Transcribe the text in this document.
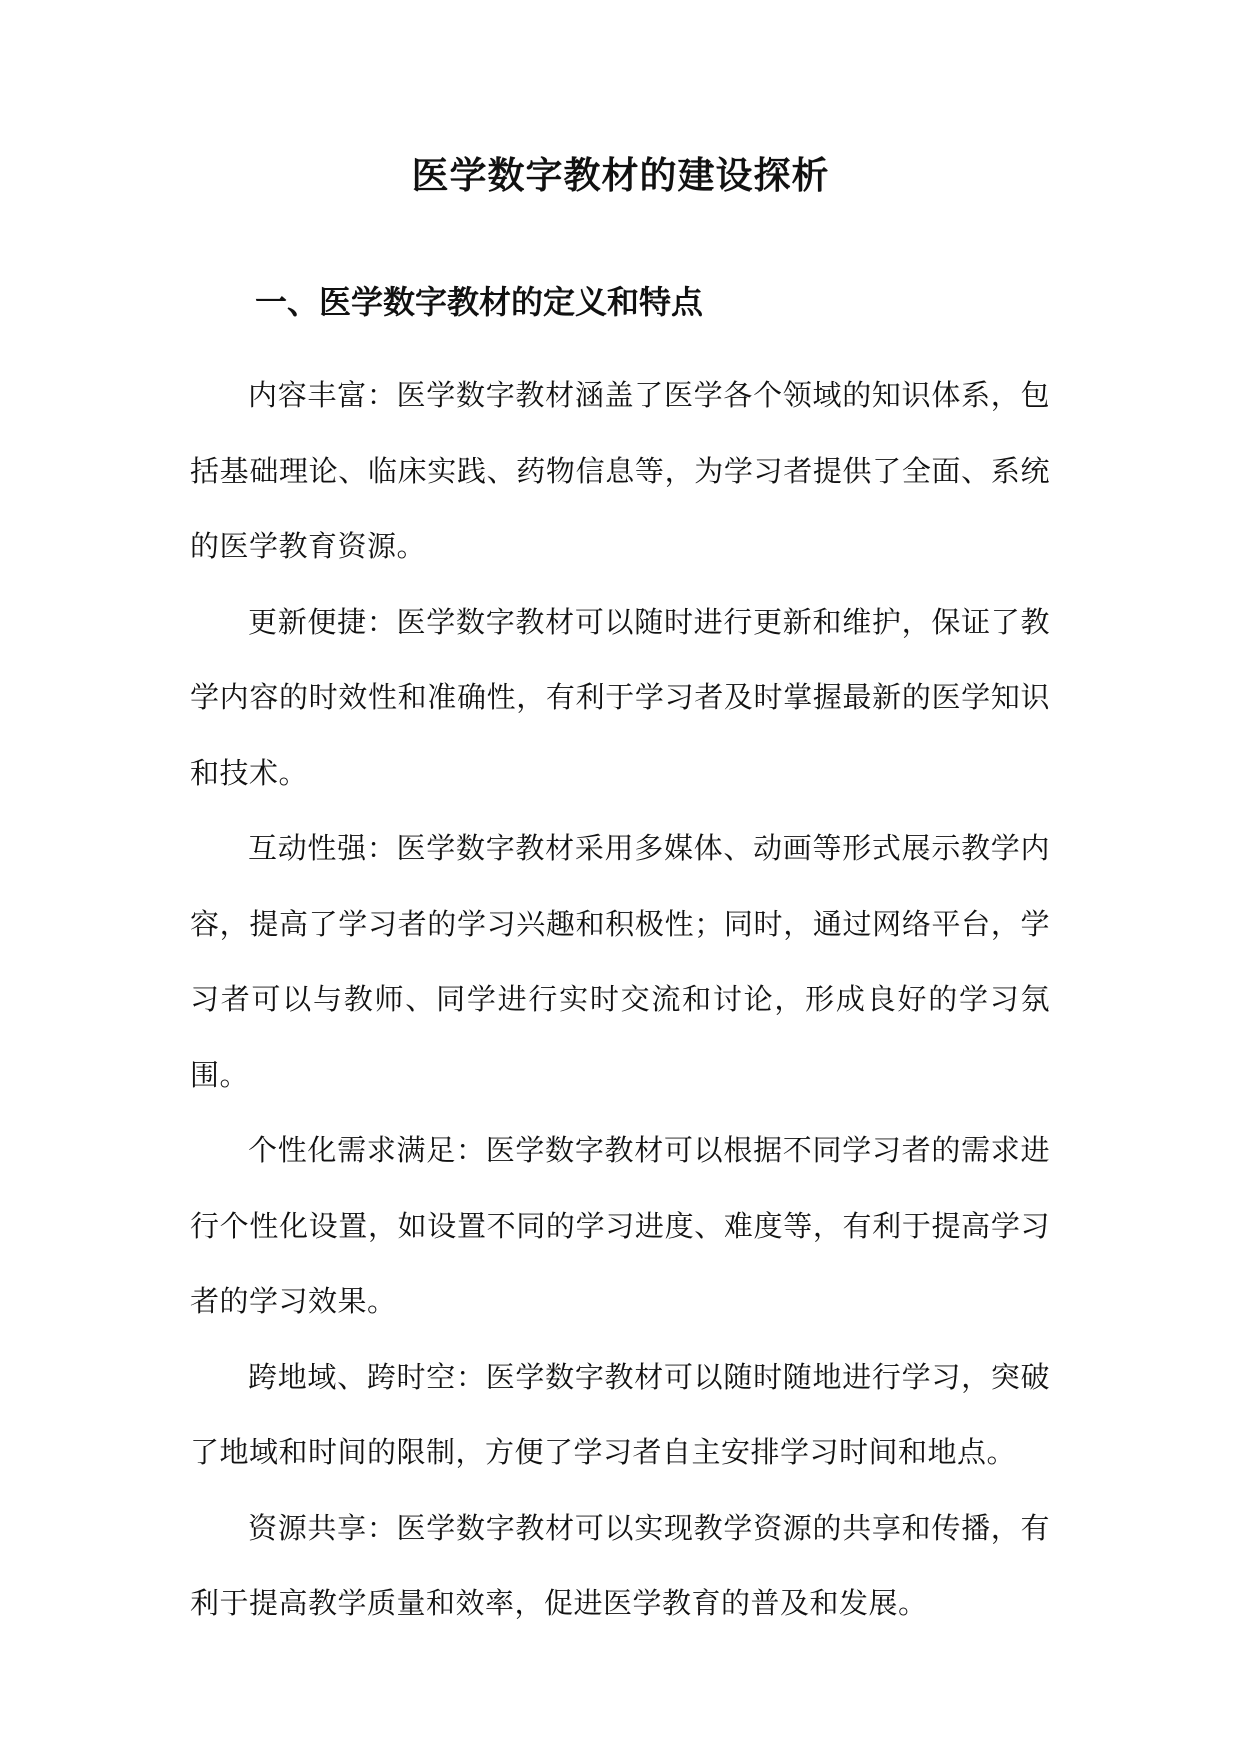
医学数字教材的建设探析
一、医学数字教材的定义和特点

内容丰富：医学数字教材涵盖了医学各个领域的知识体系，包括基础理论、临床实践、药物信息等，为学习者提供了全面、系统的医学教育资源。

更新便捷：医学数字教材可以随时进行更新和维护，保证了教学内容的时效性和准确性，有利于学习者及时掌握最新的医学知识和技术。

互动性强：医学数字教材采用多媒体、动画等形式展示教学内容，提高了学习者的学习兴趣和积极性；同时，通过网络平台，学习者可以与教师、同学进行实时交流和讨论，形成良好的学习氛围。

个性化需求满足：医学数字教材可以根据不同学习者的需求进行个性化设置，如设置不同的学习进度、难度等，有利于提高学习者的学习效果。

跨地域、跨时空：医学数字教材可以随时随地进行学习，突破了地域和时间的限制，方便了学习者自主安排学习时间和地点。

资源共享：医学数字教材可以实现教学资源的共享和传播，有利于提高教学质量和效率，促进医学教育的普及和发展。
